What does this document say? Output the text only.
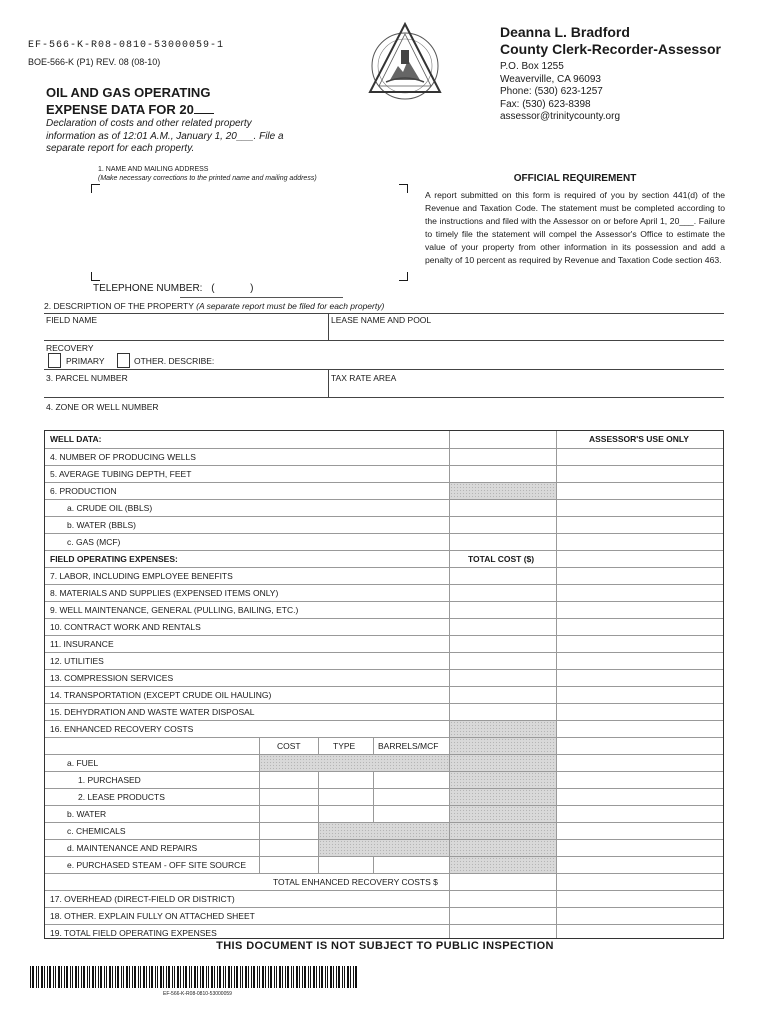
EF-566-K-R08-0810-53000059-1
BOE-566-K (P1) REV. 08 (08-10)
OIL AND GAS OPERATING
EXPENSE DATA FOR 20
Declaration of costs and other related property information as of 12:01 A.M., January 1, 20___. File a separate report for each property.
Deanna L. Bradford
County Clerk-Recorder-Assessor
P.O. Box 1255
Weaverville, CA 96093
Phone: (530) 623-1257
Fax: (530) 623-8398
assessor@trinitycounty.org
1. NAME AND MAILING ADDRESS
(Make necessary corrections to the printed name and mailing address)
TELEPHONE NUMBER: (	)
OFFICIAL REQUIREMENT
A report submitted on this form is required of you by section 441(d) of the Revenue and Taxation Code. The statement must be completed according to the instructions and filed with the Assessor on or before April 1, 20___. Failure to timely file the statement will compel the Assessor's Office to estimate the value of your property from other information in its possession and add a penalty of 10 percent as required by Revenue and Taxation Code section 463.
2. DESCRIPTION OF THE PROPERTY (A separate report must be filed for each property)
FIELD NAME	LEASE NAME AND POOL
RECOVERY
PRIMARY	OTHER. DESCRIBE:
3. PARCEL NUMBER	TAX RATE AREA
4. ZONE OR WELL NUMBER
WELL DATA:	ASSESSOR'S USE ONLY
4. NUMBER OF PRODUCING WELLS
5. AVERAGE TUBING DEPTH, FEET
6. PRODUCTION
a. CRUDE OIL (BBLS)
b. WATER (BBLS)
c. GAS (MCF)
FIELD OPERATING EXPENSES:	TOTAL COST ($)
7. LABOR, INCLUDING EMPLOYEE BENEFITS
8. MATERIALS AND SUPPLIES (EXPENSED ITEMS ONLY)
9. WELL MAINTENANCE, GENERAL (PULLING, BAILING, ETC.)
10. CONTRACT WORK AND RENTALS
11. INSURANCE
12. UTILITIES
13. COMPRESSION SERVICES
14. TRANSPORTATION (EXCEPT CRUDE OIL HAULING)
15. DEHYDRATION AND WASTE WATER DISPOSAL
16. ENHANCED RECOVERY COSTS
COST	TYPE	BARRELS/MCF
a. FUEL
1. PURCHASED
2. LEASE PRODUCTS
b. WATER
c. CHEMICALS
d. MAINTENANCE AND REPAIRS
e. PURCHASED STEAM - OFF SITE SOURCE
TOTAL ENHANCED RECOVERY COSTS $
17. OVERHEAD (DIRECT-FIELD OR DISTRICT)
18. OTHER. EXPLAIN FULLY ON ATTACHED SHEET
19. TOTAL FIELD OPERATING EXPENSES
THIS DOCUMENT IS NOT SUBJECT TO PUBLIC INSPECTION
EF-566-K-R08-0810-53000059
